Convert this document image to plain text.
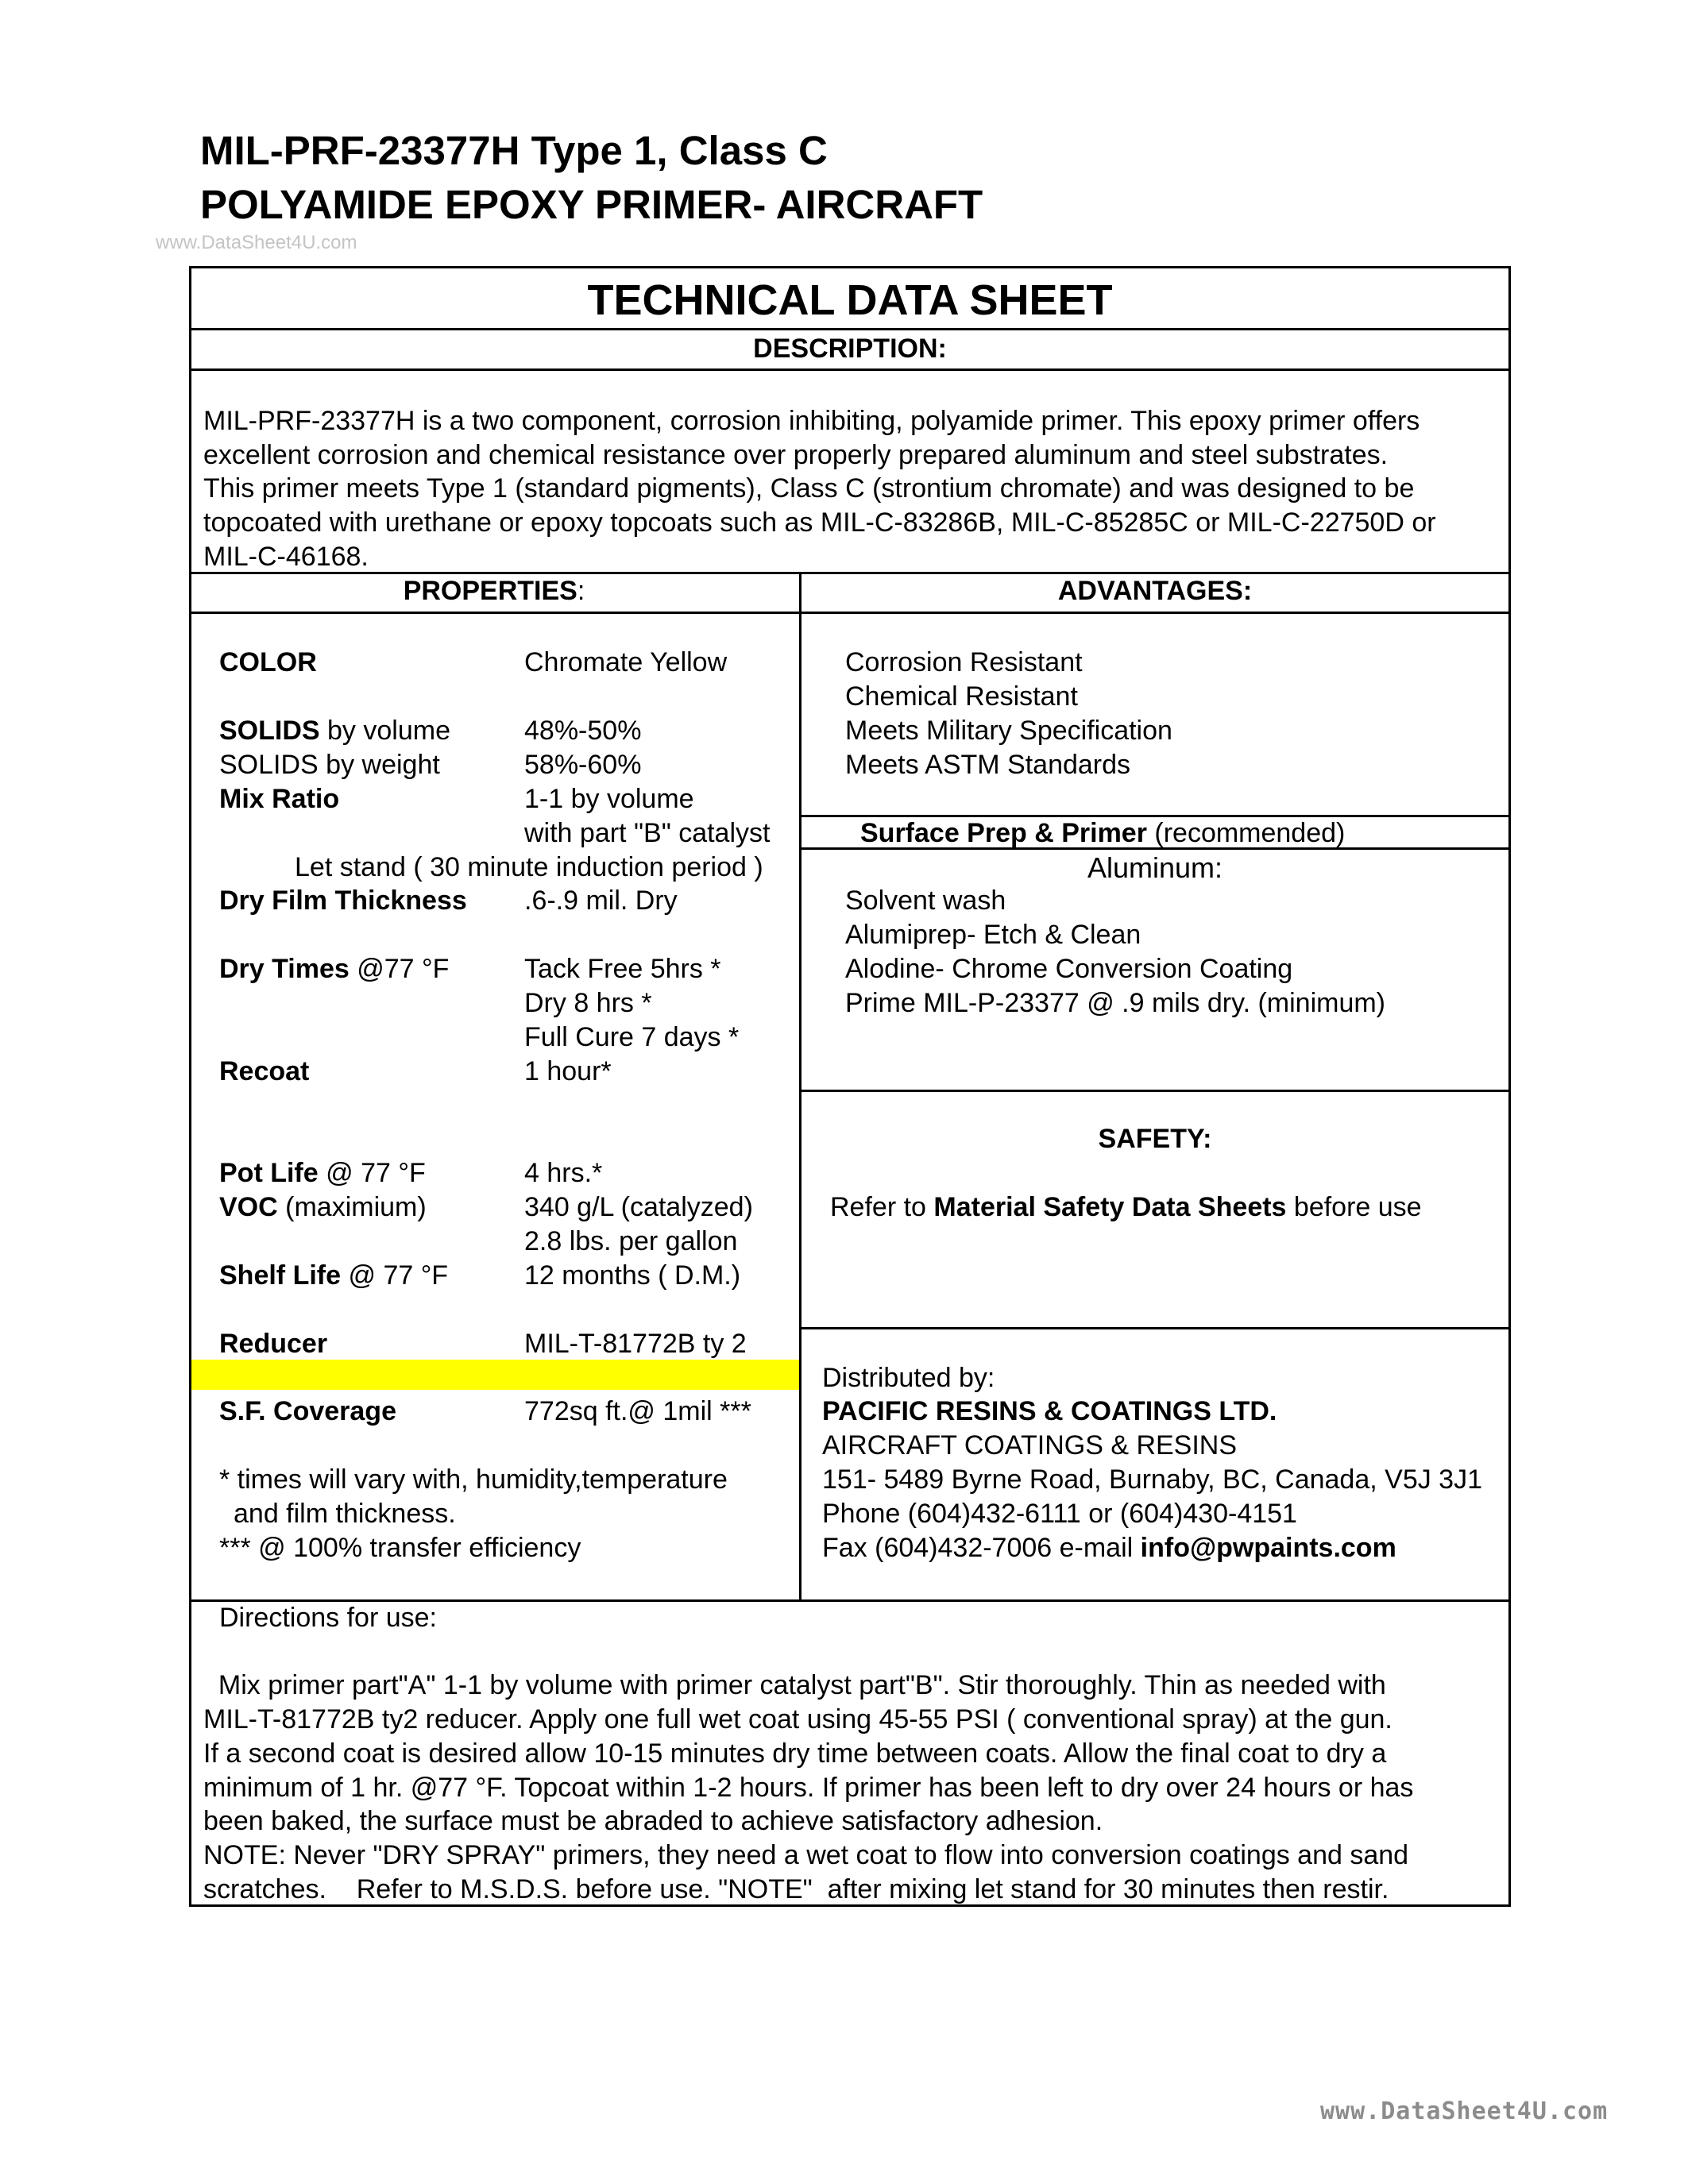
MIL-PRF-23377H Type 1, Class C
POLYAMIDE EPOXY PRIMER- AIRCRAFT
www.DataSheet4U.com
TECHNICAL DATA SHEET
DESCRIPTION:
MIL-PRF-23377H is a two component, corrosion inhibiting, polyamide primer. This epoxy primer offers
excellent corrosion and chemical resistance over properly prepared aluminum and steel substrates.
This primer meets Type 1 (standard pigments), Class C (strontium chromate) and was designed to be
topcoated with urethane or epoxy topcoats such as MIL-C-83286B, MIL-C-85285C or MIL-C-22750D or
MIL-C-46168.
PROPERTIES:	ADVANTAGES:
COLOR	Chromate Yellow
SOLIDS by volume	48%-50%
SOLIDS by weight	58%-60%
Mix Ratio	1-1 by volume
with part "B" catalyst
Let stand ( 30 minute induction period )
Dry Film Thickness .6-.9 mil. Dry
Dry Times @77 °F	Tack Free 5hrs *
Dry 8 hrs *
Full Cure 7 days *
Recoat	1 hour*
Pot Life @ 77 °F	4 hrs.*
VOC (maximium)	340 g/L (catalyzed)
2.8 lbs. per gallon
Shelf Life @ 77 °F	12 months ( D.M.)
Reducer	MIL-T-81772B ty 2
S.F. Coverage	772sq ft.@ 1mil ***
* times will vary with, humidity,temperature
and film thickness.
*** @ 100% transfer efficiency
Corrosion Resistant
Chemical Resistant
Meets Military Specification
Meets ASTM Standards
Surface Prep & Primer (recommended)
Aluminum:
Solvent wash
Alumiprep- Etch & Clean
Alodine- Chrome Conversion Coating
Prime MIL-P-23377 @ .9 mils dry. (minimum)
SAFETY:
Refer to Material Safety Data Sheets before use
Distributed by:
PACIFIC RESINS & COATINGS LTD.
AIRCRAFT COATINGS & RESINS
151- 5489 Byrne Road, Burnaby, BC, Canada, V5J 3J1
Phone (604)432-6111 or (604)430-4151
Fax (604)432-7006 e-mail info@pwpaints.com
Directions for use:
Mix primer part"A" 1-1 by volume with primer catalyst part"B". Stir thoroughly. Thin as needed with
MIL-T-81772B ty2 reducer. Apply one full wet coat using 45-55 PSI ( conventional spray) at the gun.
If a second coat is desired allow 10-15 minutes dry time between coats. Allow the final coat to dry a
minimum of 1 hr. @77 °F. Topcoat within 1-2 hours. If primer has been left to dry over 24 hours or has
been baked, the surface must be abraded to achieve satisfactory adhesion.
NOTE: Never "DRY SPRAY" primers, they need a wet coat to flow into conversion coatings and sand
scratches.    Refer to M.S.D.S. before use. "NOTE"  after mixing let stand for 30 minutes then restir.
www.DataSheet4U.com
